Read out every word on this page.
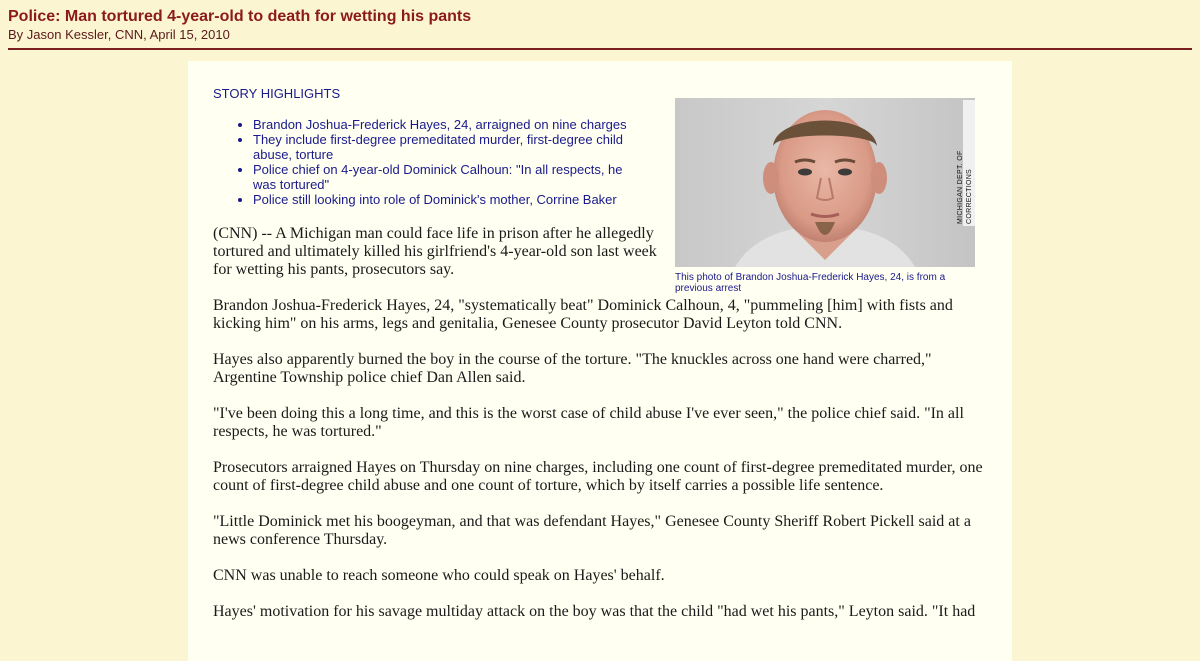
Police: Man tortured 4-year-old to death for wetting his pants
By Jason Kessler, CNN, April 15, 2010
STORY HIGHLIGHTS
• Brandon Joshua-Frederick Hayes, 24, arraigned on nine charges
• They include first-degree premeditated murder, first-degree child abuse, torture
• Police chief on 4-year-old Dominick Calhoun: "In all respects, he was tortured"
• Police still looking into role of Dominick's mother, Corrine Baker	MICHIGAN DEPT. OF CORRECTIONS
This photo of Brandon Joshua-Frederick Hayes, 24, is from a previous arrest

(CNN) -- A Michigan man could face life in prison after he allegedly tortured and ultimately killed his girlfriend's 4-year-old son last week for wetting his pants, prosecutors say.

Brandon Joshua-Frederick Hayes, 24, "systematically beat" Dominick Calhoun, 4, "pummeling [him] with fists and kicking him" on his arms, legs and genitalia, Genesee County prosecutor David Leyton told CNN.

Hayes also apparently burned the boy in the course of the torture. "The knuckles across one hand were charred," Argentine Township police chief Dan Allen said.

"I've been doing this a long time, and this is the worst case of child abuse I've ever seen," the police chief said. "In all respects, he was tortured."

Prosecutors arraigned Hayes on Thursday on nine charges, including one count of first-degree premeditated murder, one count of first-degree child abuse and one count of torture, which by itself carries a possible life sentence.

"Little Dominick met his boogeyman, and that was defendant Hayes," Genesee County Sheriff Robert Pickell said at a news conference Thursday.

CNN was unable to reach someone who could speak on Hayes' behalf.

Hayes' motivation for his savage multiday attack on the boy was that the child "had wet his pants," Leyton said. "It had
